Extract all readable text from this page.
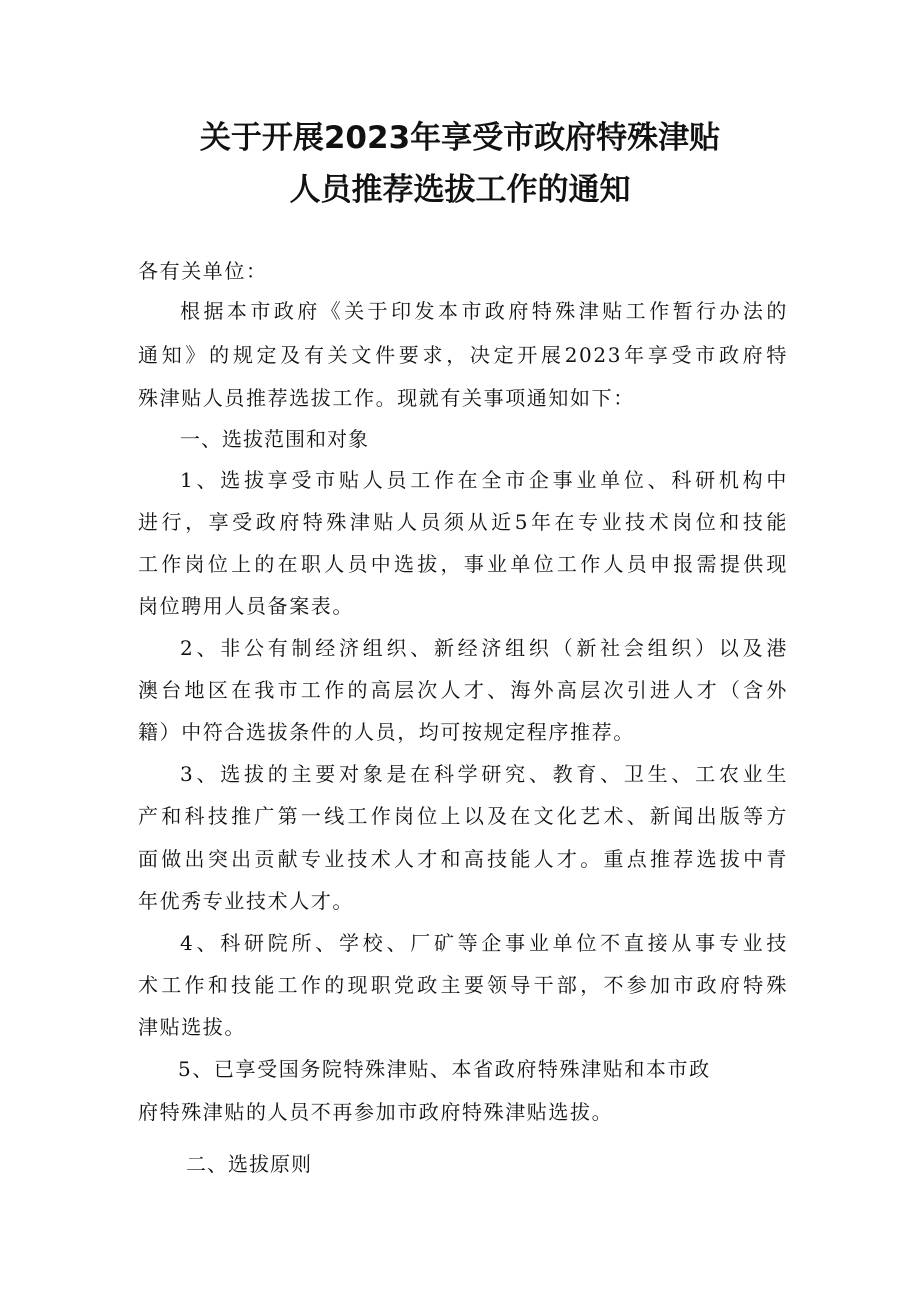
关于开展2023年享受市政府特殊津贴
人员推荐选拔工作的通知
各有关单位：
根据本市政府《关于印发本市政府特殊津贴工作暂行办法的
通知》的规定及有关文件要求，决定开展2023年享受市政府特
殊津贴人员推荐选拔工作。现就有关事项通知如下：
一、选拔范围和对象
1、选拔享受市贴人员工作在全市企事业单位、科研机构中
进行，享受政府特殊津贴人员须从近5年在专业技术岗位和技能
工作岗位上的在职人员中选拔，事业单位工作人员申报需提供现
岗位聘用人员备案表。
2、非公有制经济组织、新经济组织（新社会组织）以及港
澳台地区在我市工作的高层次人才、海外高层次引进人才（含外
籍）中符合选拔条件的人员，均可按规定程序推荐。
3、选拔的主要对象是在科学研究、教育、卫生、工农业生
产和科技推广第一线工作岗位上以及在文化艺术、新闻出版等方
面做出突出贡献专业技术人才和高技能人才。重点推荐选拔中青
年优秀专业技术人才。
4、科研院所、学校、厂矿等企事业单位不直接从事专业技
术工作和技能工作的现职党政主要领导干部，不参加市政府特殊
津贴选拔。
5、已享受国务院特殊津贴、本省政府特殊津贴和本市政
府特殊津贴的人员不再参加市政府特殊津贴选拔。
二、选拔原则
